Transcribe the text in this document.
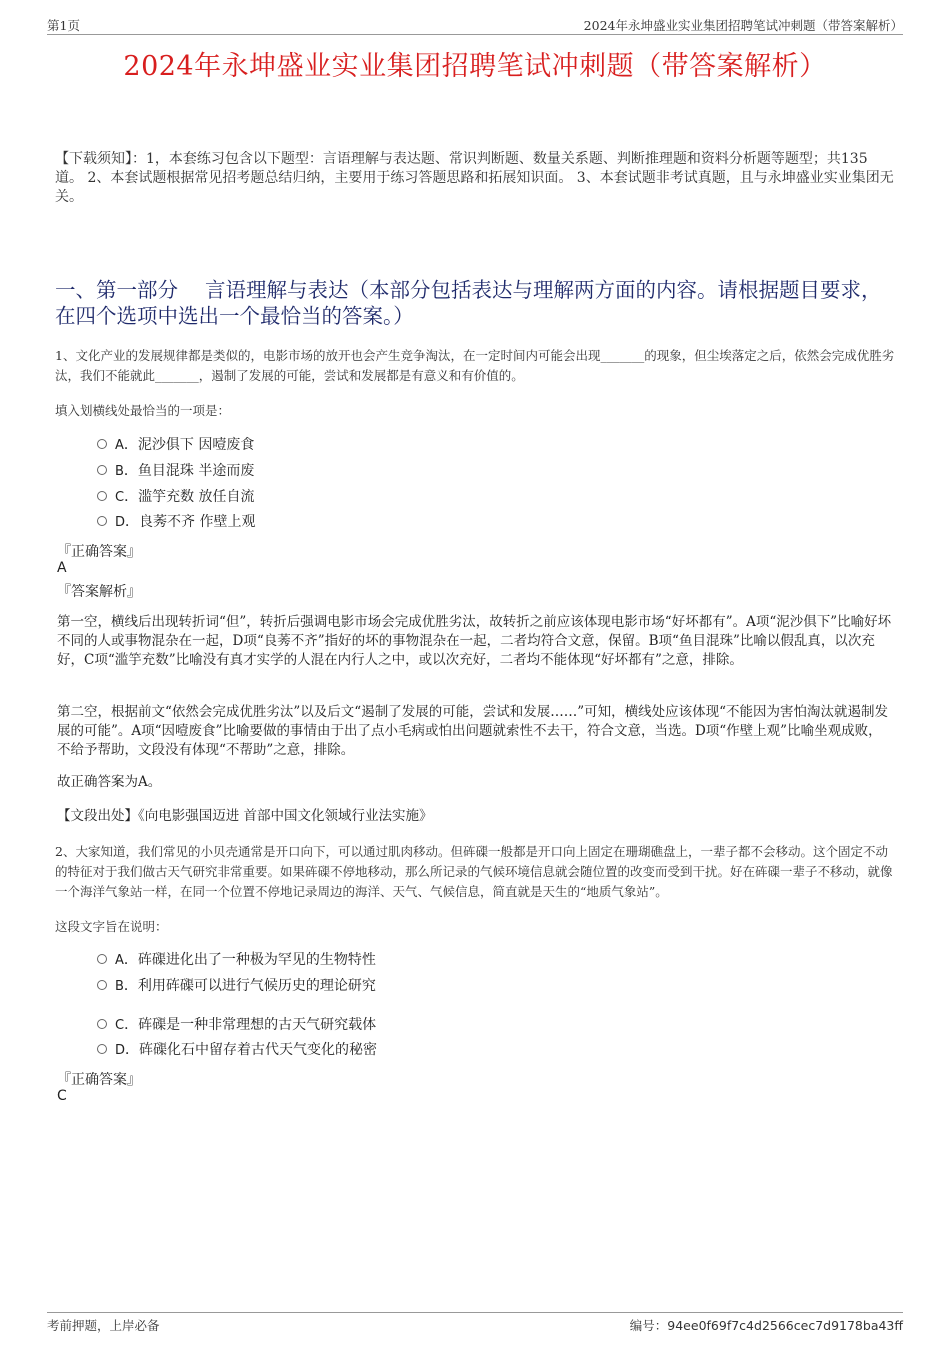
第1页	2024年永坤盛业实业集团招聘笔试冲刺题（带答案解析）
2024年永坤盛业实业集团招聘笔试冲刺题（带答案解析）
【下载须知】：1，本套练习包含以下题型：言语理解与表达题、常识判断题、数量关系题、判断推理题和资料分析题等题型；共135道。 2、本套试题根据常见招考题总结归纳，主要用于练习答题思路和拓展知识面。 3、本套试题非考试真题，且与永坤盛业实业集团无关。
一、第一部分　 言语理解与表达（本部分包括表达与理解两方面的内容。请根据题目要求，在四个选项中选出一个最恰当的答案。）
1、文化产业的发展规律都是类似的，电影市场的放开也会产生竞争淘汰，在一定时间内可能会出现_______的现象，但尘埃落定之后，依然会完成优胜劣汰，我们不能就此_______，遏制了发展的可能，尝试和发展都是有意义和有价值的。
填入划横线处最恰当的一项是：
A．泥沙俱下 因噎废食
B．鱼目混珠 半途而废
C．滥竽充数 放任自流
D．良莠不齐 作壁上观
『正确答案』
A
『答案解析』
第一空，横线后出现转折词“但”，转折后强调电影市场会完成优胜劣汰，故转折之前应该体现电影市场“好坏都有”。A项“泥沙俱下”比喻好坏不同的人或事物混杂在一起，D项“良莠不齐”指好的坏的事物混杂在一起，二者均符合文意，保留。B项“鱼目混珠”比喻以假乱真，以次充好，C项“滥竽充数”比喻没有真才实学的人混在内行人之中，或以次充好，二者均不能体现“好坏都有”之意，排除。
第二空，根据前文“依然会完成优胜劣汰”以及后文“遏制了发展的可能，尝试和发展……”可知，横线处应该体现“不能因为害怕淘汰就遏制发展的可能”。A项“因噎废食”比喻要做的事情由于出了点小毛病或怕出问题就索性不去干，符合文意，当选。D项“作壁上观”比喻坐观成败，不给予帮助，文段没有体现“不帮助”之意，排除。
故正确答案为A。
【文段出处】《向电影强国迈进 首部中国文化领域行业法实施》
2、大家知道，我们常见的小贝壳通常是开口向下，可以通过肌肉移动。但砗磲一般都是开口向上固定在珊瑚礁盘上，一辈子都不会移动。这个固定不动的特征对于我们做古天气研究非常重要。如果砗磲不停地移动，那么所记录的气候环境信息就会随位置的改变而受到干扰。好在砗磲一辈子不移动，就像一个海洋气象站一样，在同一个位置不停地记录周边的海洋、天气、气候信息，简直就是天生的“地质气象站”。
这段文字旨在说明：
A．砗磲进化出了一种极为罕见的生物特性
B．利用砗磲可以进行气候历史的理论研究
C．砗磲是一种非常理想的古天气研究载体
D．砗磲化石中留存着古代天气变化的秘密
『正确答案』
C
考前押题，上岸必备	编号：94ee0f69f7c4d2566cec7d9178ba43ff
